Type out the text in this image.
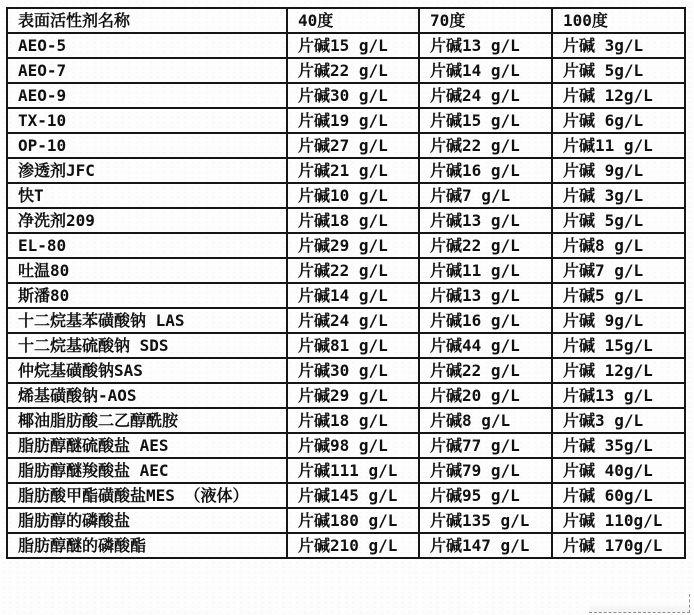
表面活性剂名称	40度	70度	100度
AEO-5	片碱15 g/L	片碱13 g/L	片碱 3g/L
AEO-7	片碱22 g/L	片碱14 g/L	片碱 5g/L
AEO-9	片碱30 g/L	片碱24 g/L	片碱 12g/L
TX-10	片碱19 g/L	片碱15 g/L	片碱 6g/L
OP-10	片碱27 g/L	片碱22 g/L	片碱11 g/L
渗透剂JFC	片碱21 g/L	片碱16 g/L	片碱 9g/L
快T	片碱10 g/L	片碱7 g/L	片碱 3g/L
净洗剂209	片碱18 g/L	片碱13 g/L	片碱 5g/L
EL-80	片碱29 g/L	片碱22 g/L	片碱8 g/L
吐温80	片碱22 g/L	片碱11 g/L	片碱7 g/L
斯潘80	片碱14 g/L	片碱13 g/L	片碱5 g/L
十二烷基苯磺酸钠 LAS	片碱24 g/L	片碱16 g/L	片碱 9g/L
十二烷基硫酸钠 SDS	片碱81 g/L	片碱44 g/L	片碱 15g/L
仲烷基磺酸钠SAS	片碱30 g/L	片碱22 g/L	片碱 12g/L
烯基磺酸钠-AOS	片碱29 g/L	片碱20 g/L	片碱13 g/L
椰油脂肪酸二乙醇酰胺	片碱18 g/L	片碱8 g/L	片碱3 g/L
脂肪醇醚硫酸盐 AES	片碱98 g/L	片碱77 g/L	片碱 35g/L
脂肪醇醚羧酸盐 AEC	片碱111 g/L	片碱79 g/L	片碱 40g/L
脂肪酸甲酯磺酸盐MES （液体）	片碱145 g/L	片碱95 g/L	片碱 60g/L
脂肪醇的磷酸盐	片碱180 g/L	片碱135 g/L	片碱 110g/L
脂肪醇醚的磷酸酯	片碱210 g/L	片碱147 g/L	片碱 170g/L
